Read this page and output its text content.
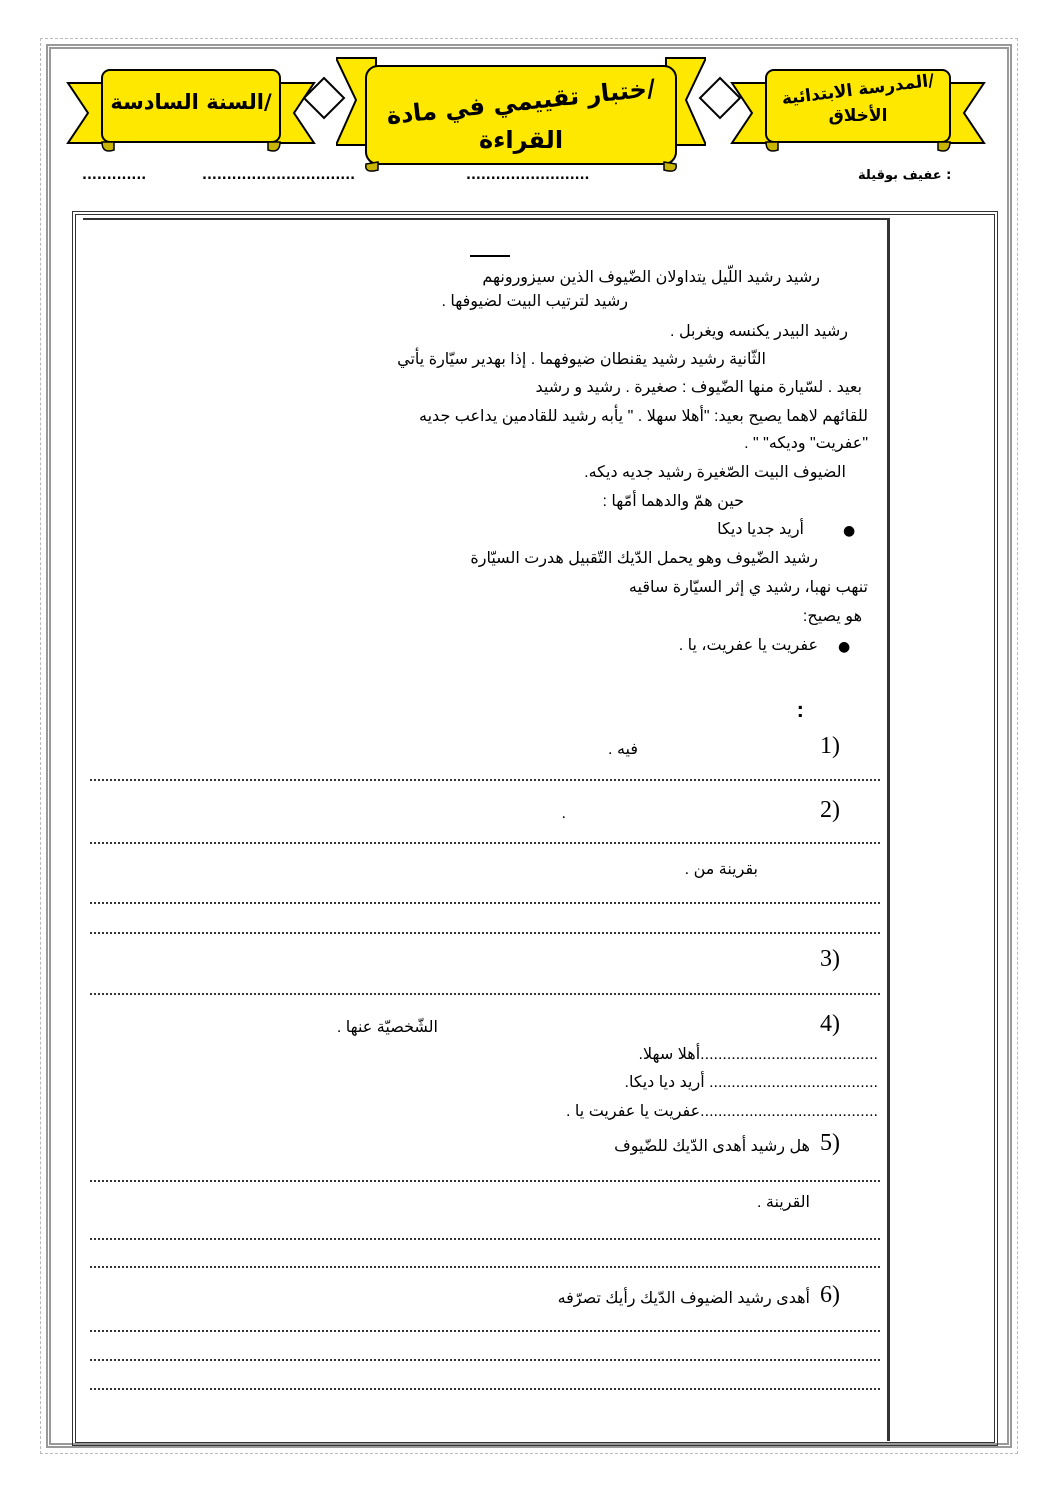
/السنة السادسة	/ختبار تقييمي في مادة
القراءة
/المدرسة الابتدائية
الأخلاق
.............	...............................	.........................	: عفيف بوقيلة
رشيد رشيد اللّيل يتداولان الضّيوف الذين سيزورونهم
رشيد لترتيب البيت لضيوفها .
رشيد البيدر يكنسه ويغربل .
الثّانية رشيد رشيد يقنطان ضيوفهما . إذا بهدير سيّارة يأتي
بعيد . لسّيارة منها الضّيوف : صغيرة . رشيد و رشيد
للقائهم لاهما يصيح بعيد: "أهلا سهلا . " يأبه رشيد للقادمين يداعب جديه
"عفريت" وديكه" " .
الضيوف البيت الصّغيرة رشيد جديه ديكه.
حين همّ والدهما أمّها :
●
أريد جديا ديكا
رشيد الضّيوف وهو يحمل الدّيك التّقبيل هدرت السيّارة
تنهب نهبا، رشيد ي إثر السيّارة ساقيه
هو يصيح:
●
عفريت يا عفريت، يا .
:
1)
فيه .
2)
.
بقرينة من .
3)
4)
الشّخصيّة عنها .
........................................أهلا سهلا.
...................................... أريد ديا ديكا.
........................................عفريت يا عفريت يا .
5)
هل رشيد أهدى الدّيك للضّيوف
القرينة .
6)
أهدى رشيد الضيوف الدّيك رأيك تصرّفه
